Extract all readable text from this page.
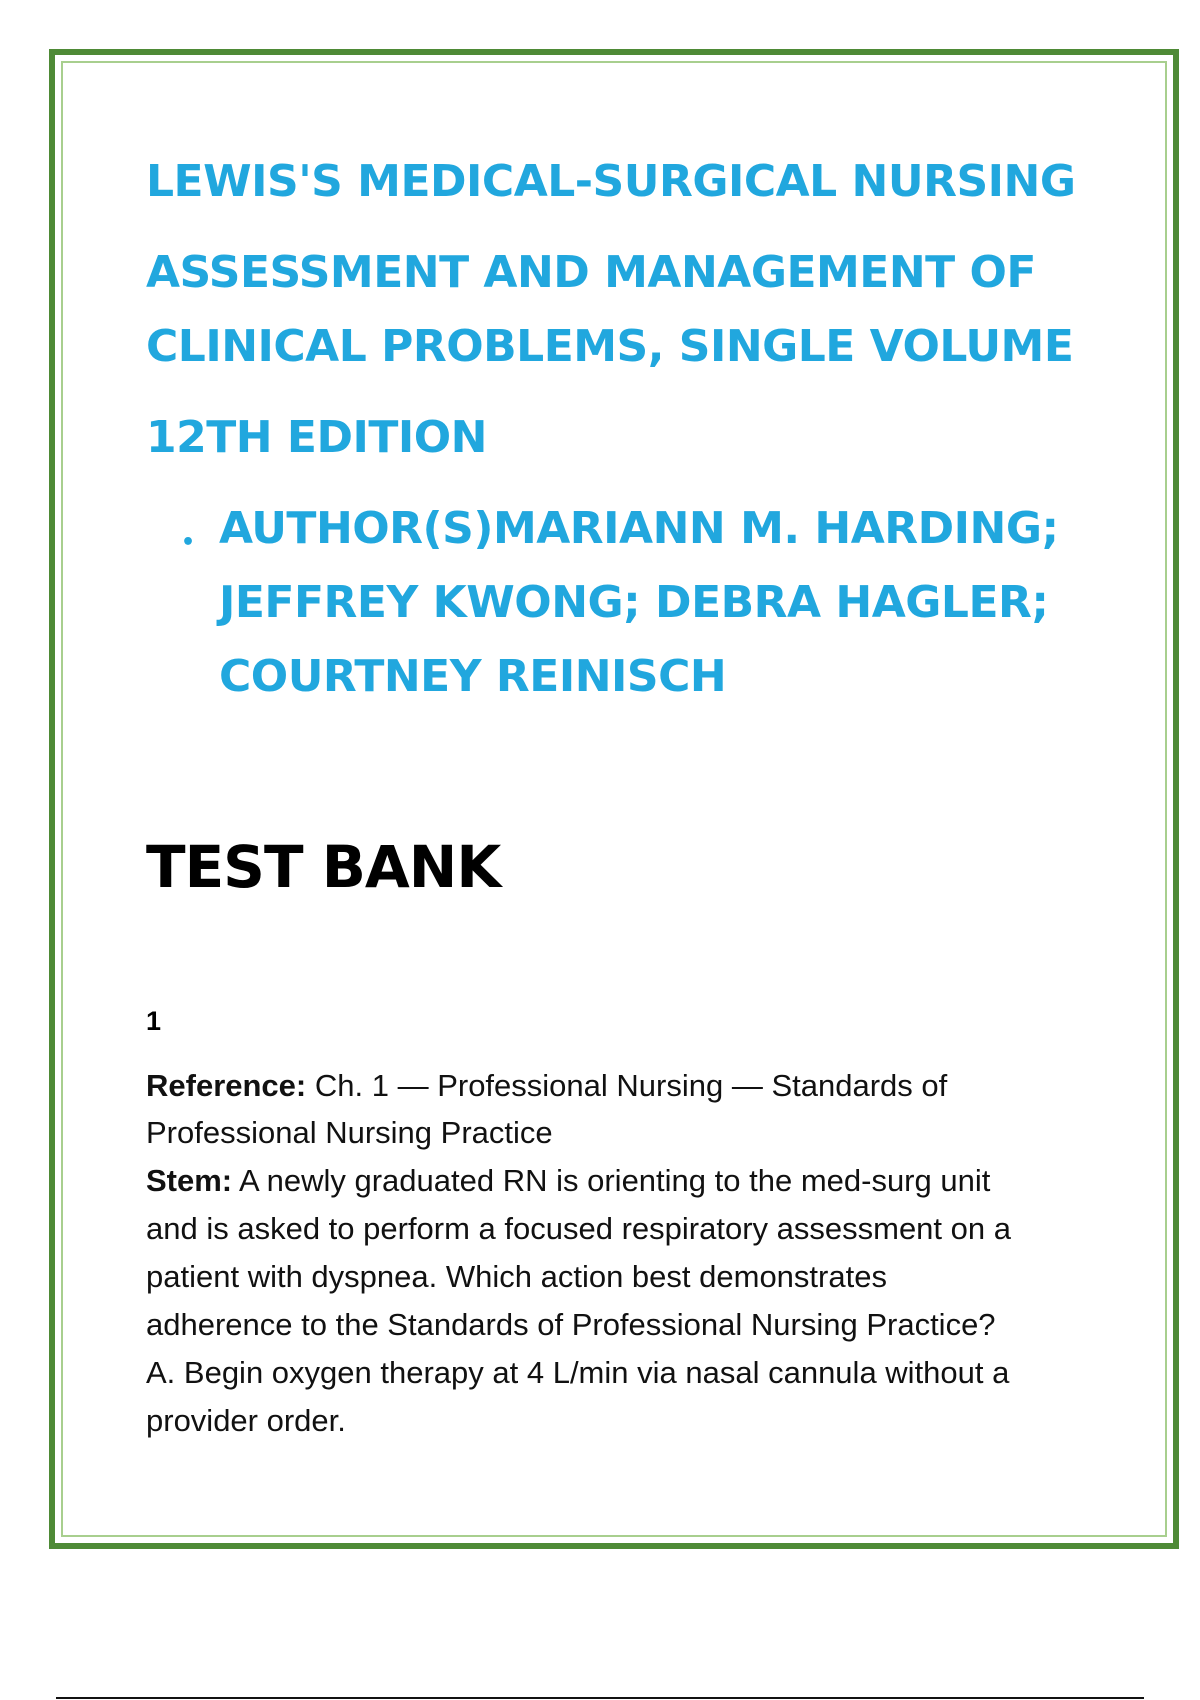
LEWIS'S MEDICAL-SURGICAL NURSING
ASSESSMENT AND MANAGEMENT OF
CLINICAL PROBLEMS, SINGLE VOLUME
12TH EDITION
• AUTHOR(S)MARIANN M. HARDING;

JEFFREY KWONG; DEBRA HAGLER;

COURTNEY REINISCH

TEST BANK

1

Reference: Ch. 1 — Professional Nursing — Standards of

Professional Nursing Practice

Stem: A newly graduated RN is orienting to the med-surg unit

and is asked to perform a focused respiratory assessment on a

patient with dyspnea. Which action best demonstrates

adherence to the Standards of Professional Nursing Practice?

A. Begin oxygen therapy at 4 L/min via nasal cannula without a

provider order.
